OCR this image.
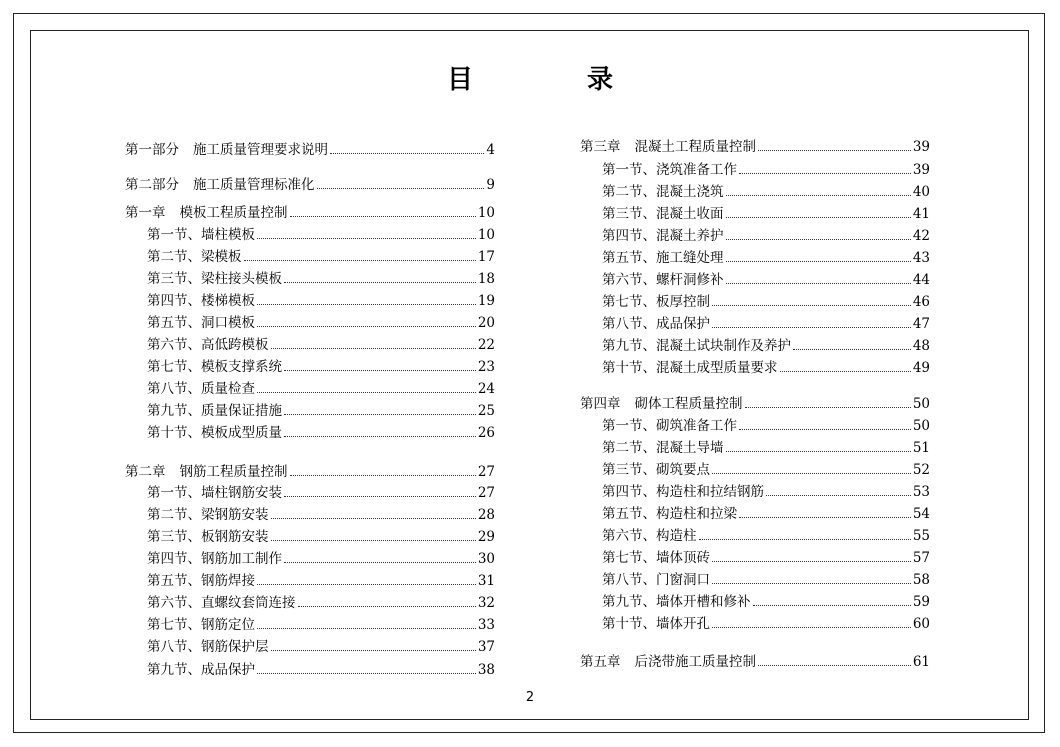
目　录
第一部分 施工质量管理要求说明	4
第二部分 施工质量管理标准化	9
第一章 模板工程质量控制	10
第一节、墙柱模板	10
第二节、梁模板	17
第三节、梁柱接头模板	18
第四节、楼梯模板	19
第五节、洞口模板	20
第六节、高低跨模板	22
第七节、模板支撑系统	23
第八节、质量检查	24
第九节、质量保证措施	25
第十节、模板成型质量	26
第二章 钢筋工程质量控制	27
第一节、墙柱钢筋安装	27
第二节、梁钢筋安装	28
第三节、板钢筋安装	29
第四节、钢筋加工制作	30
第五节、钢筋焊接	31
第六节、直螺纹套筒连接	32
第七节、钢筋定位	33
第八节、钢筋保护层	37
第九节、成品保护	38
第三章 混凝土工程质量控制	39
第一节、浇筑准备工作	39
第二节、混凝土浇筑	40
第三节、混凝土收面	41
第四节、混凝土养护	42
第五节、施工缝处理	43
第六节、螺杆洞修补	44
第七节、板厚控制	46
第八节、成品保护	47
第九节、混凝土试块制作及养护	48
第十节、混凝土成型质量要求	49
第四章 砌体工程质量控制	50
第一节、砌筑准备工作	50
第二节、混凝土导墙	51
第三节、砌筑要点	52
第四节、构造柱和拉结钢筋	53
第五节、构造柱和拉梁	54
第六节、构造柱	55
第七节、墙体顶砖	57
第八节、门窗洞口	58
第九节、墙体开槽和修补	59
第十节、墙体开孔	60
第五章 后浇带施工质量控制	61
2
